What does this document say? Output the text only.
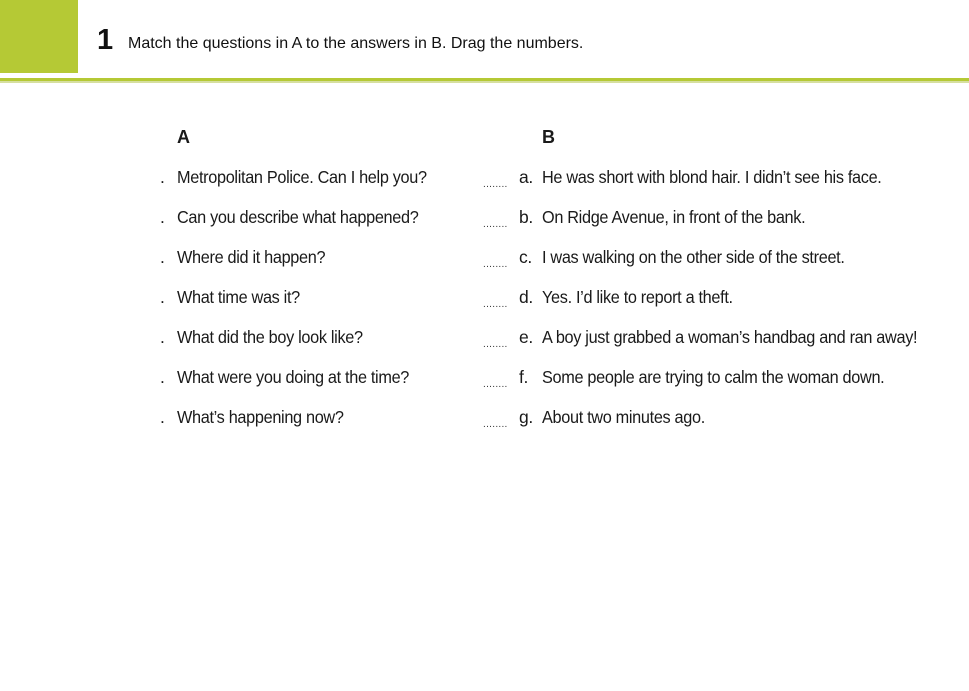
1 Match the questions in A to the answers in B. Drag the numbers.
A	B
. Metropolitan Police. Can I help you?	........ a. He was short with blond hair. I didn’t see his face.
. Can you describe what happened?	........ b. On Ridge Avenue, in front of the bank.
. Where did it happen?	........ c. I was walking on the other side of the street.
. What time was it?	........ d. Yes. I’d like to report a theft.
. What did the boy look like?	........ e. A boy just grabbed a woman’s handbag and ran away!
. What were you doing at the time?	........ f. Some people are trying to calm the woman down.
. What’s happening now?	........ g. About two minutes ago.
